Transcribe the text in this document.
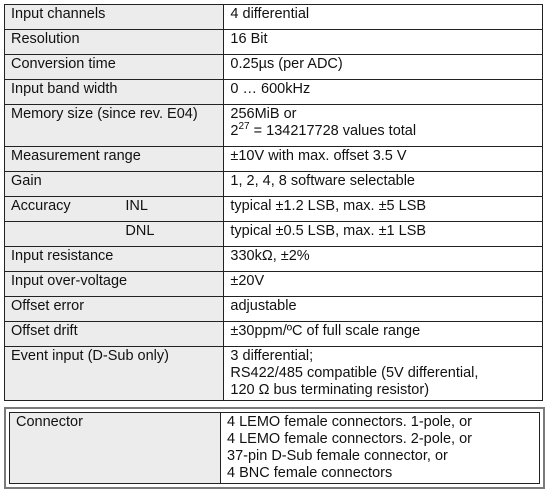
Input channels	4 differential
Resolution	16 Bit
Conversion time	0.25µs (per ADC)
Input band width	0 … 600kHz
Memory size (since rev. E04)	256MiB or
$2^{27} = 134217728$ values total

Measurement range	±10V with max. offset 3.5 V
Gain	1, 2, 4, 8 software selectable

Accuracy INL	typical ±1.2 LSB, max. ±5 LSB

DNL	typical ±0.5 LSB, max. ±1 LSB
Input resistance	330kΩ, ±2%
Input over-voltage	±20V
Offset error	adjustable
Offset drift	±30ppm/ºC of full scale range
Event input (D-Sub only)	3 differential;
RS422/485 compatible (5V differential,
120 Ω bus terminating resistor)
Connector	4 LEMO female connectors. 1-pole, or
4 LEMO female connectors. 2-pole, or
37-pin D-Sub female connector, or
4 BNC female connectors
